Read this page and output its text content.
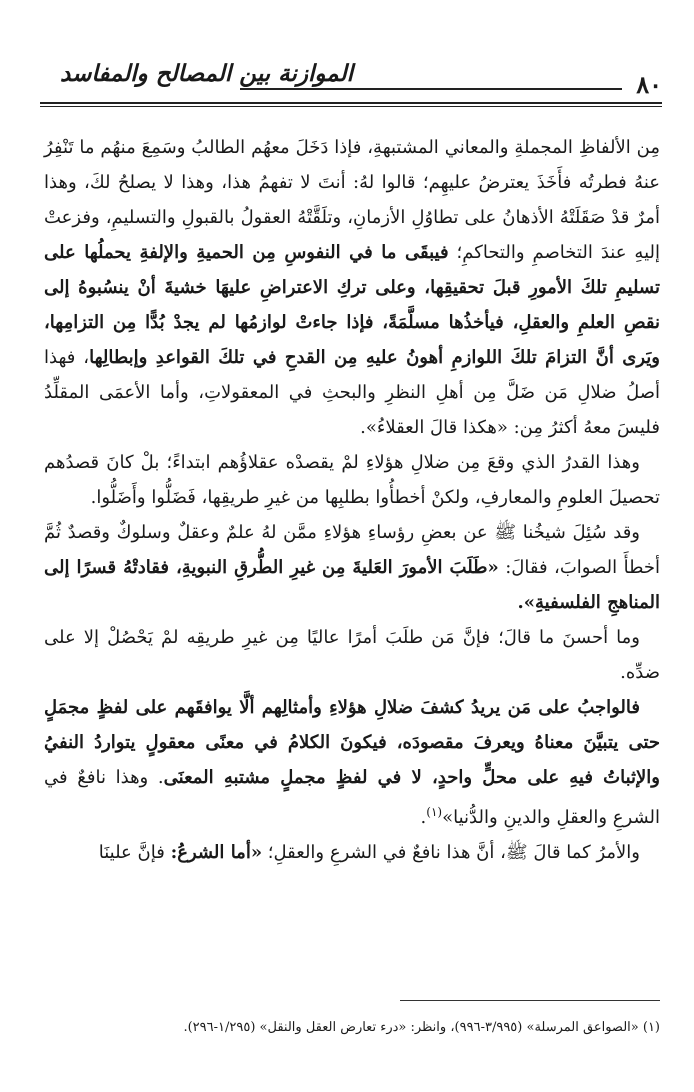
٨٠
الموازنة بين المصالح والمفاسد

مِن الألفاظِ المجملةِ والمعاني المشتبهةِ، فإذا دَخَلَ معهُم الطالبُ وسَمِعَ منهُم ما تَنْفِرُ عنهُ فطرتُه فأَخَذَ يعترضُ عليهِم؛ قالوا لهُ: أنتَ لا تفهمُ هذا، وهذا لا يصلحُ لكَ، وهذا أمرٌ قدْ صَقَلَتْهُ الأذهانُ على تطاوُلِ الأزمانِ، وتلَقَّتْهُ العقولُ بالقبولِ والتسليمِ، وفزعتْ إليهِ عندَ التخاصمِ والتحاكمِ؛ فيبقَى ما في النفوسِ مِن الحميةِ والإلفةِ يحملُها على تسليمِ تلكَ الأمورِ قبلَ تحقيقِها، وعلى تركِ الاعتراضِ عليهَا خشيةَ أنْ ينسُبوهُ إلى نقصِ العلمِ والعقلِ، فيأخذُها مسلَّمَةً، فإذا جاءتْ لوازمُها لم يجدْ بُدًّا مِن التزامِها، ويَرى أنَّ التزامَ تلكَ اللوازمِ أهونُ عليهِ مِن القدحِ في تلكَ القواعدِ وإبطالِها، فهذا أصلُ ضلالِ مَن ضَلَّ مِن أهلِ النظرِ والبحثِ في المعقولاتِ، وأما الأعمَى المقلِّدُ فليسَ معهُ أكثرُ مِن: «هكذا قالَ العقلاءُ».

وهذا القدرُ الذي وقعَ مِن ضلالِ هؤلاءِ لمْ يقصدْه عقلاؤُهم ابتداءً؛ بلْ كانَ قصدُهم تحصيلَ العلومِ والمعارفِ، ولكنْ أخطأُوا بطلبِها من غيرِ طريقِها، فَضَلُّوا وأَضَلُّوا.

وقد سُئِلَ شيخُنا ﷺ عن بعضِ رؤساءِ هؤلاءِ ممَّن لهُ علمٌ وعقلٌ وسلوكٌ وقصدٌ ثُمَّ أخطأَ الصوابَ، فقالَ: «طَلَبَ الأمورَ العَليةَ مِن غيرِ الطُّرقِ النبويةِ، فقادتْهُ قسرًا إلى المناهجِ الفلسفيةِ».

وما أحسنَ ما قالَ؛ فإنَّ مَن طلَبَ أمرًا عاليًا مِن غيرِ طريقِه لمْ يَحْصُلْ إلا على ضدِّه.

فالواجبُ على مَن يريدُ كشفَ ضلالِ هؤلاءِ وأمثالِهم ألَّا يوافقَهم على لفظٍ مجمَلٍ حتى يتبيَّنَ معناهُ ويعرفَ مقصودَه، فيكونَ الكلامُ في معنًى معقولٍ يتواردُ النفيُ والإثباتُ فيهِ على محلٍّ واحدٍ، لا في لفظٍ مجملٍ مشتبهِ المعنَى. وهذا نافعٌ في الشرعِ والعقلِ والدينِ والدُّنيا»$^{(١)}$.

والأمرُ كما قالَ ﷺ، أنَّ هذا نافعٌ في الشرعِ والعقلِ؛ «أما الشرعُ: فإنَّ علينَا

(١) «الصواعق المرسلة» (٣/٩٩٥-٩٩٦)، وانظر: «درء تعارض العقل والنقل» (١/٢٩٥-٢٩٦).
